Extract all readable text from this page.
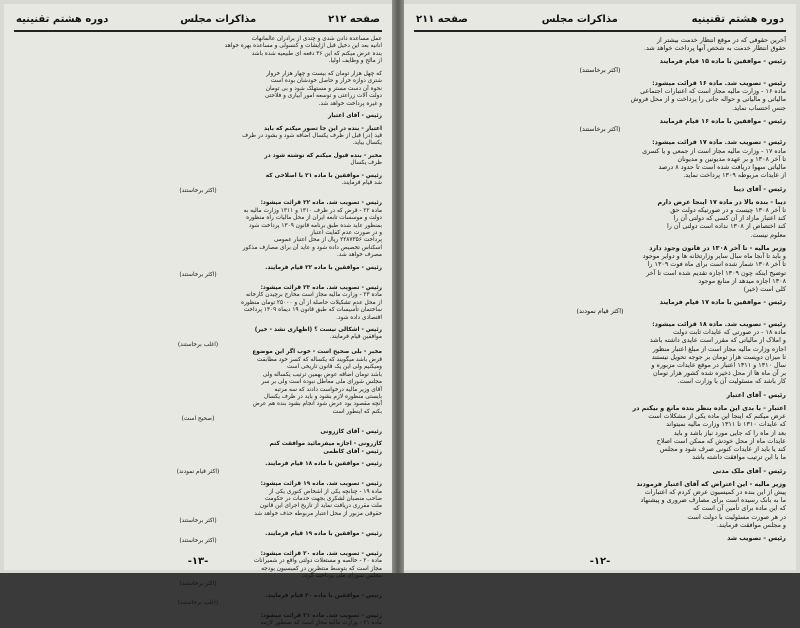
صفحه ۲۱۲
مذاکرات مجلس
دوره هشتم تقنینیه

عمل مساعده دادن شدی و چندی از برادران عالمانهات

انانیه بعد این دخیل قبل ازایشات و کنسولی و مساعده بهره خواهد

بنده عرض میکنم که این ۳۶ دفعه ای طبیعیه شده باشد

از مالح و وظایف اولیا.

که چهل هزار تومان که بیست و چهار هزار خروار

شتری دوازه خرار و حاصل خودشان بوده است

نحوه آن دست مستر و مستهلک شود و بی تومان

دولت آلات زراعتی و توسعه امور آبیاری و فلاحتی

و غیره پرداخت خواهد شد.

رئیس - آقای اعتبار

اعتبار - بنده در این جا تصور میکنم که باید

قید (در) قبل از ظرف یکسال اضافه شود و بشود در ظرف

یکسال بیاید.

مخبر - بنده قبول میکنم که نوشته شود در

ظرف یکسال

رئیس - موافقین با ماده ۲۱ با اصلاحی که

شد قیام فرمایند.

(اکثر برخاستند)

رئیس - تصویب شد. ماده ۲۲ قرائت میشود:

ماده ۲۲ - قرض که در ظرف ۱۳۱۰ و ۱۳۱۱ وزارت مالیه به

دولت و موسسات تابعه ایران از محل مالیات راه منظوره

بمنظور عاید شده طبق برنامه قانون ۱۳۰۹ پرداخت شود

و در صورت عدم کفایت اعتبار

پرداخت ۲۲۸۷۳۵۶ ریال از محل اعتبار عمومی

اسکناس تخصیص داده شود و عاید آن برای مصارف مذکور

مصرف خواهد شد.

رئیس - موافقین با ماده ۲۲ قیام فرمایند.

(اکثر برخاستند)

رئیس - تصویب شد. ماده ۲۳ قرائت میشود:

ماده ۲۳ - وزارت مالیه مجاز است مخارج برچیدن کارخانه

از محل عدم تشکیلات حاصله از آن و ۲۵۰۰۰ تومان منظوره

ساختمان تأسیسات که طبق قانون ۱۹ دیماه ۱۳۰۹ پرداخت

اقتصادی داده شود.

رئیس - اشکالی نیست ؟ (اظهاری نشد - خیر)

موافقین قیام فرمایند.

(اغلب برخاستند)

مخبر - بلی صحیح است - خوب اگر این موضوع

قرض باشد میگویند که یکساله که کسر خود مطابقت

ومیکنیم ولی این یک قانون تاریخی است

باشد تومان اضافه عوض بهمین ترتیب یکساله ولی

مجلس شورای ملی معاطل نبوده است ولی بر سر

آقای وزیر مالیه درخواست دادند که سه مرتبه

بایستی منظوره لازم بشود و باید در ظرف یکسال

آنچه مقصود بود عرض شود انجام بشود بنده هم عرض

بکنم که اینطور است

(صحیح است)

رئیس - آقای کازرونی

کازرونی - اجازه میفرمائید موافقت کنم

رئیس - آقای کاظمی

رئیس - موافقین با ماده ۱۸ قیام فرمایند.

(اکثر قیام نمودند)

رئیس - تصویب شد. ماده ۱۹ قرائت میشود:

ماده ۱۹ - چنانچه یکی از اشخاص کنوری یکی از

صاحب منصبان لشکری بجهت خدمات در حکومت

ملت مقرری دریافت نماید از تاریخ اجرای این قانون

حقوقی مزبور از محل اعتبار مربوطه حذف خواهد شد

(اکثر برخاستند)

رئیس - موافقین با ماده ۱۹ قیام فرمایند.

(اکثر برخاستند)

رئیس - تصویب شد. ماده ۲۰ قرائت میشود:

ماده ۲۰ - خالصه و مستغلات دولتی واقع در شمیرانات

مجاز است که بتوسط منتظرین در کمیسیون بودجه

مجلس شورای ملی پرداخت گردد

(اکثر برخاستند)

رئیس - موافقین با ماده ۲۰ قیام فرمایند.

(اغلب برخاستند)

رئیس - تصویب شد. ماده ۲۱ قرائت میشود:

ماده ۲۱ - وزارت مالیه مجاز است که بمنظور لازمه

-۱۳-
دوره هشتم تقنینیه
مذاکرات مجلس
صفحه ۲۱۱

آخرین حقوقی که در موقع انتظار خدمت بیشتر از

حقوق انتظار خدمت به شخص آنها پرداخت خواهد شد.

رئیس - موافقین با ماده ۱۵ قیام فرمایند

(اکثر برخاستند)

رئیس - تصویب شد. ماده ۱۶ قرائت میشود:

ماده ۱۶ - وزارت مالیه مجاز است که اعتبارات اجتماعی

مالیاتی و مالیاتی و حواله جاتی را پرداخت و از محل فروش

جنس احتساب نماید.

رئیس - موافقین با ماده ۱۶ قیام فرمایند

(اکثر برخاستند)

رئیس - تصویب شد. ماده ۱۷ قرائت میشود:

ماده ۱۷ - وزارت مالیه مجاز است از جمعی و یا کسری

تا آخر ۱۳۰۸ و بر عهده مدیونین و مدیونان

مالیاتی سهوا دریافت شده است تا حدود ۸ درصد

از عایدات مربوطه ۱۳۰۹ پرداخت نماید.

رئیس - آقای دیبا

دیبا - بنده بالا در ماده ۱۷ اینجا عرض دارم

تا آخر ۱۳۰۸ چیست و در صورتیکه دولت حق

کند اعتبار مازاد از آن کسی که دولتی آن را

کند اختصاص از ۱۳۰۸ نداده است دولتی آن را

معلوم نیست.

وزیر مالیه - تا آخر ۱۳۰۸ در قانون وجود دارد

و باید تا آنجا ماه سال سایر وزارتخانه ها و دوایر موجود

تا آخر ۱۳۰۸ شمار شده است برای ماه فوت ۱۳۰۹ را

توضیح اینکه چون ۱۳۰۹ اجازه تقدیم شده است تا آخر

۱۳۰۸ اجازه میدهد از منابع موجود

کلی است (خیر)

رئیس - موافقین با ماده ۱۷ قیام فرمایند

(اکثر قیام نمودند)

رئیس - تصویب شد. ماده ۱۸ قرائت میشود:

ماده ۱۸ - در صورتی که عایدات ثابت دولت

و املاک از مالیاتی که مقرر است عایدی داشته باشد

اجازه وزارت مالیه مجاز است از مبلغ اعتبار منظور

تا میزان دویست هزار تومان بر جوجه تحویل نیستند

سال ۱۳۱۰ و ۱۳۱۱ اعتبار در موقع عایدات مزبوره و

بر آن ماه ها از محل ذخیره شده کشور هزار تومان

کار باشد که مسئولیت آن با وزارت است.

رئیس - آقای اعتبار

اعتبار - با بدی این ماده بنظر بنده مانع و بیکنم در

عرض میکنم که اینجا این ماده یکی از مشکلات است

که عایدات ۱۳۱۰ تا ۱۳۱۱ وزارت مالیه نمیتواند

بعد از ماه را که جایی مورد نیاز باشد و باید

عایدات ماه از محل خودش که ممکن است اصلاح

کند یا باید از عایدات کنونی صرف شود و مجلس

ما با این ترتیب موافقت داشته باشد

رئیس - آقای ملک مدنی

وزیر مالیه - این اعتراض که آقای اعتبار فرمودند

پیش از این بنده در کمیسیون عرض کردم که اعتبارات

ما به بانک رسیده است برای مصارف ضروری و پیشنهاد

که این ماده برای تأمین آن است که

در هر صورت مسئولیت با دولت است

و مجلس موافقت فرمایند.

رئیس - تصویب شد

-۱۲-
